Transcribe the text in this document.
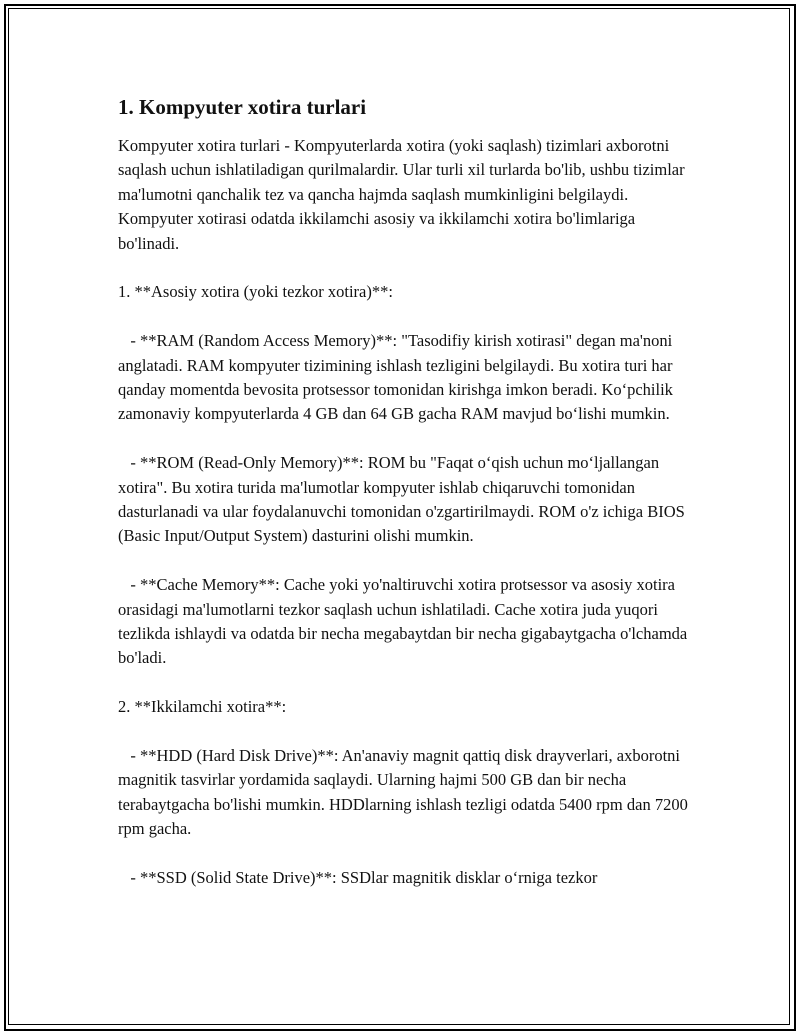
1. Kompyuter xotira turlari

Kompyuter xotira turlari - Kompyuterlarda xotira (yoki saqlash) tizimlari axborotni saqlash uchun ishlatiladigan qurilmalardir. Ular turli xil turlarda bo'lib, ushbu tizimlar ma'lumotni qanchalik tez va qancha hajmda saqlash mumkinligini belgilaydi. Kompyuter xotirasi odatda ikkilamchi asosiy va ikkilamchi xotira bo'limlariga bo'linadi.

1. **Asosiy xotira (yoki tezkor xotira)**:

- **RAM (Random Access Memory)**: "Tasodifiy kirish xotirasi" degan ma'noni anglatadi. RAM kompyuter tizimining ishlash tezligini belgilaydi. Bu xotira turi har qanday momentda bevosita protsessor tomonidan kirishga imkon beradi. Koʻpchilik zamonaviy kompyuterlarda 4 GB dan 64 GB gacha RAM mavjud boʻlishi mumkin.

- **ROM (Read-Only Memory)**: ROM bu "Faqat oʻqish uchun moʻljallangan xotira". Bu xotira turida ma'lumotlar kompyuter ishlab chiqaruvchi tomonidan dasturlanadi va ular foydalanuvchi tomonidan o'zgartirilmaydi. ROM o'z ichiga BIOS (Basic Input/Output System) dasturini olishi mumkin.

- **Cache Memory**: Cache yoki yo'naltiruvchi xotira protsessor va asosiy xotira orasidagi ma'lumotlarni tezkor saqlash uchun ishlatiladi. Cache xotira juda yuqori tezlikda ishlaydi va odatda bir necha megabaytdan bir necha gigabaytgacha o'lchamda bo'ladi.

2. **Ikkilamchi xotira**:

- **HDD (Hard Disk Drive)**: An'anaviy magnit qattiq disk drayverlari, axborotni magnitik tasvirlar yordamida saqlaydi. Ularning hajmi 500 GB dan bir necha terabaytgacha bo'lishi mumkin. HDDlarning ishlash tezligi odatda 5400 rpm dan 7200 rpm gacha.

- **SSD (Solid State Drive)**: SSDlar magnitik disklar oʻrniga tezkor
